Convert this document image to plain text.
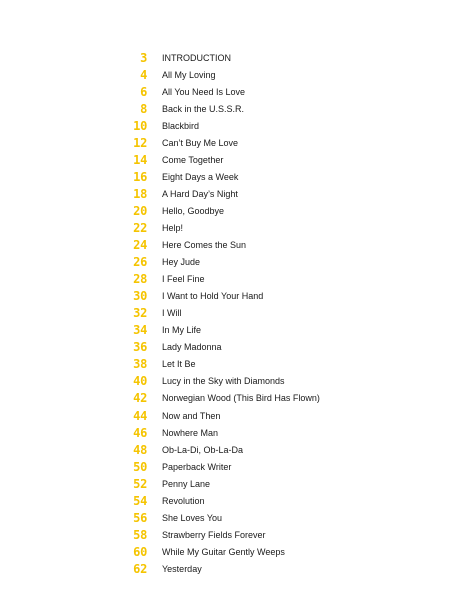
3	INTRODUCTION
4	All My Loving
6	All You Need Is Love
8	Back in the U.S.S.R.
10	Blackbird
12	Can’t Buy Me Love
14	Come Together
16	Eight Days a Week
18	A Hard Day’s Night
20	Hello, Goodbye
22	Help!
24	Here Comes the Sun
26	Hey Jude
28	I Feel Fine
30	I Want to Hold Your Hand
32	I Will
34	In My Life
36	Lady Madonna
38	Let It Be
40	Lucy in the Sky with Diamonds
42	Norwegian Wood (This Bird Has Flown)
44	Now and Then
46	Nowhere Man
48	Ob-La-Di, Ob-La-Da
50	Paperback Writer
52	Penny Lane
54	Revolution
56	She Loves You
58	Strawberry Fields Forever
60	While My Guitar Gently Weeps
62	Yesterday
